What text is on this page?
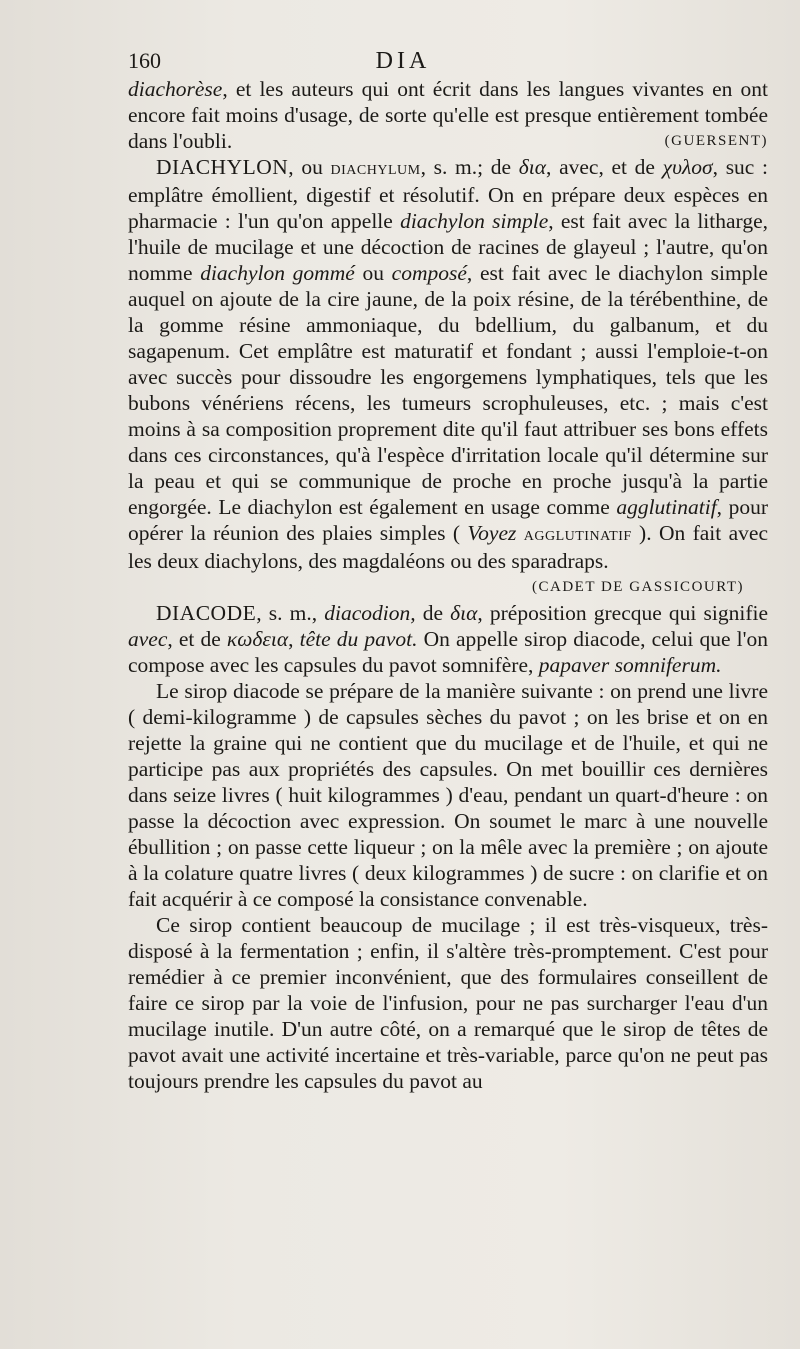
160	DIA

diachorèse, et les auteurs qui ont écrit dans les langues vivantes en ont encore fait moins d'usage, de sorte qu'elle est presque entièrement tombée dans l'oubli.	(GUERSENT)

DIACHYLON, ou diachylum, s. m.; de δια, avec, et de χυλοσ, suc : emplâtre émollient, digestif et résolutif. On en prépare deux espèces en pharmacie : l'un qu'on appelle diachylon simple, est fait avec la litharge, l'huile de mucilage et une décoction de racines de glayeul ; l'autre, qu'on nomme diachylon gommé ou composé, est fait avec le diachylon simple auquel on ajoute de la cire jaune, de la poix résine, de la térébenthine, de la gomme résine ammoniaque, du bdellium, du galbanum, et du sagapenum. Cet emplâtre est maturatif et fondant ; aussi l'emploie-t-on avec succès pour dissoudre les engorgemens lymphatiques, tels que les bubons vénériens récens, les tumeurs scrophuleuses, etc. ; mais c'est moins à sa composition proprement dite qu'il faut attribuer ses bons effets dans ces circonstances, qu'à l'espèce d'irritation locale qu'il détermine sur la peau et qui se communique de proche en proche jusqu'à la partie engorgée. Le diachylon est également en usage comme agglutinatif, pour opérer la réunion des plaies simples ( Voyez agglutinatif ). On fait avec les deux diachylons, des magdaléons ou des sparadraps.

(CADET DE GASSICOURT)

DIACODE, s. m., diacodion, de δια, préposition grecque qui signifie avec, et de κωδεια, tête du pavot. On appelle sirop diacode, celui que l'on compose avec les capsules du pavot somnifère, papaver somniferum.

Le sirop diacode se prépare de la manière suivante : on prend une livre ( demi-kilogramme ) de capsules sèches du pavot ; on les brise et on en rejette la graine qui ne contient que du mucilage et de l'huile, et qui ne participe pas aux propriétés des capsules. On met bouillir ces dernières dans seize livres ( huit kilogrammes ) d'eau, pendant un quart-d'heure : on passe la décoction avec expression. On soumet le marc à une nouvelle ébullition ; on passe cette liqueur ; on la mêle avec la première ; on ajoute à la colature quatre livres ( deux kilogrammes ) de sucre : on clarifie et on fait acquérir à ce composé la consistance convenable.

Ce sirop contient beaucoup de mucilage ; il est très-visqueux, très-disposé à la fermentation ; enfin, il s'altère très-promptement. C'est pour remédier à ce premier inconvénient, que des formulaires conseillent de faire ce sirop par la voie de l'infusion, pour ne pas surcharger l'eau d'un mucilage inutile. D'un autre côté, on a remarqué que le sirop de têtes de pavot avait une activité incertaine et très-variable, parce qu'on ne peut pas toujours prendre les capsules du pavot au
